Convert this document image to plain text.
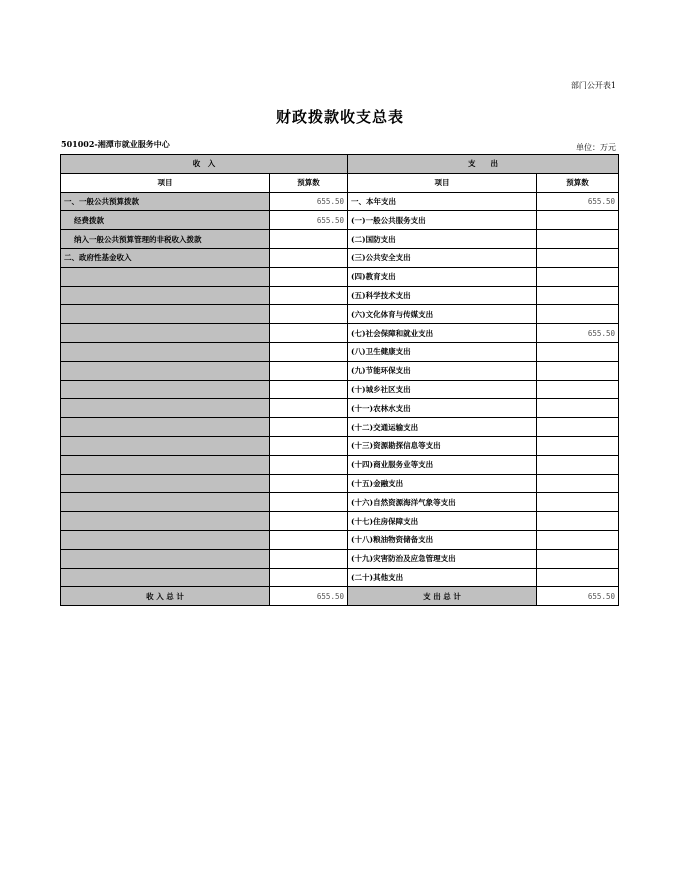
部门公开表1
财政拨款收支总表
501002-湘潭市就业服务中心	单位：万元
收　入		支　　出	
项目	预算数	项目	预算数
一、一般公共预算拨款	655.50	一、本年支出	655.50
经费拨款	655.50	(一)一般公共服务支出	
纳入一般公共预算管理的非税收入拨款		(二)国防支出	
二、政府性基金收入		(三)公共安全支出	
		(四)教育支出	
		(五)科学技术支出	
		(六)文化体育与传媒支出	
		(七)社会保障和就业支出	655.50
		(八)卫生健康支出	
		(九)节能环保支出	
		(十)城乡社区支出	
		(十一)农林水支出	
		(十二)交通运输支出	
		(十三)资源勘探信息等支出	
		(十四)商业服务业等支出	
		(十五)金融支出	
		(十六)自然资源海洋气象等支出	
		(十七)住房保障支出	
		(十八)粮油物资储备支出	
		(十九)灾害防治及应急管理支出	
		(二十)其他支出	
收 入 总 计	655.50	支 出 总 计	655.50
